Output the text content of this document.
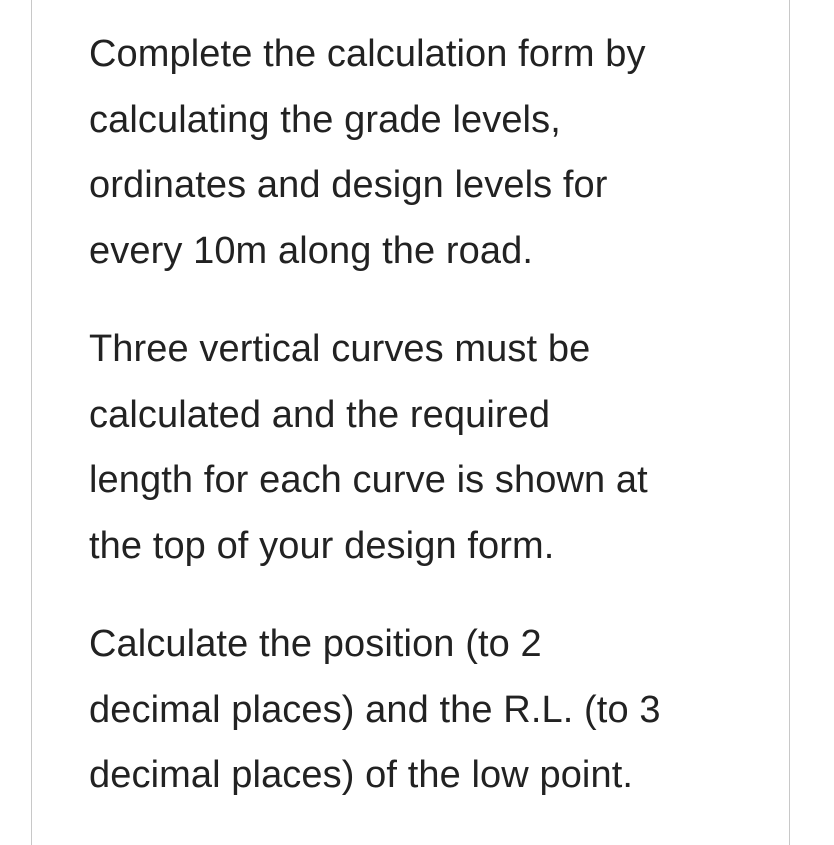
Complete the calculation form by
calculating the grade levels,
ordinates and design levels for
every 10m along the road.

Three vertical curves must be
calculated and the required
length for each curve is shown at
the top of your design form.

Calculate the position (to 2
decimal places) and the R.L. (to 3
decimal places) of the low point.
